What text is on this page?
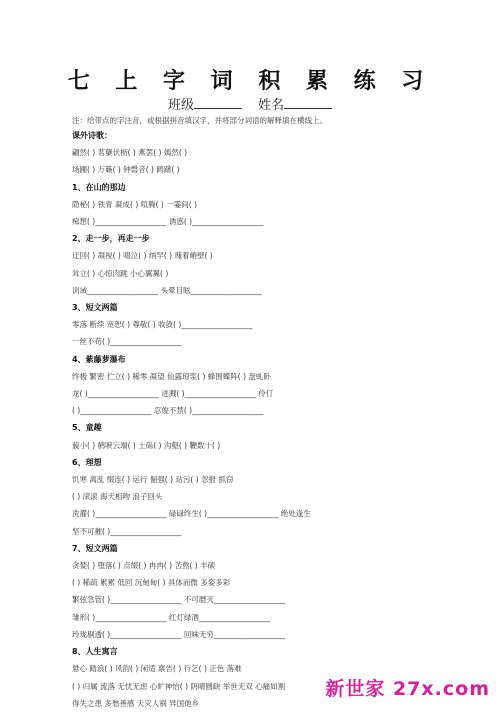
七 上 字 词 积 累 练 习
班级	姓名
注：给带点的字注音，或根据拼音填汉字，并将部分词语的解释填在横线上。
课外诗歌：
翩然( ) 茗蘖伏枥( ) 燕罢( ) 嫣然( )
场圃( ) 万籁( ) 钟磬音( ) 踌躇( )
1、在山的那边
隐秘( ) 铁青 凝成( ) 喧腾( ) 一霎间( )
痴想( )___________________ 诱惑( )___________________
2、走一步，再走一步
迂回( ) 凝视( ) 啜泣( ) 纳罕( ) 瑰着峭壁( )
耸立( ) 心惊肉跳 小心翼翼( )
训诫___________________ 头晕目眩___________________
3、短文两篇
零落 断续 宽恕( ) 尊敬( ) 收敛( )___________________
一丝不苟( )___________________
4、紫藤萝瀑布
终极 繁密 伫立( ) 稀零 凝望 仙露琼浆( ) 蜂围蝶阵( ) 盘虬卧
龙( )___________________ 迸溅( )___________________ 伶仃
( )___________________ 忍俊不禁( )___________________
5、童趣
藐小( ) 鹤唳云端( ) 土砾( ) 沟壑( ) 鞭数十( )
6、理想
饥寒 离乱 缀连( ) 运行 倔强( ) 玷污( ) 忽报 抓窃
( ) 滚滚 海天相吻 浪子回头
洗濯( )___________________ 碌碌终生( )___________________ 绝处逢生
坚不可摧( )___________________
7、短文两篇
贪婪( ) 堕落( ) 点缀( ) 冉冉( ) 苦熬( ) 丰硕
( ) 稀疏 累累 低回 沉甸甸( ) 具体而微 多姿多彩
繁弦急管( )___________________ 不可磨灭___________________
雏形( )___________________ 红灯绿酒___________________
玲珑剔透( )___________________ 回味无穷___________________
8、人生寓言
悬心 踏浪( ) 风韵( ) 闲适 禀告( ) 行乞( ) 正色 落难
( ) 归属 流落 无忧无虑 心旷神怡( ) 阴晴圆缺 举世无双 心痛如割
得失之患 多愁善感 天灾人祸 异国他乡
新世家 27x.com
